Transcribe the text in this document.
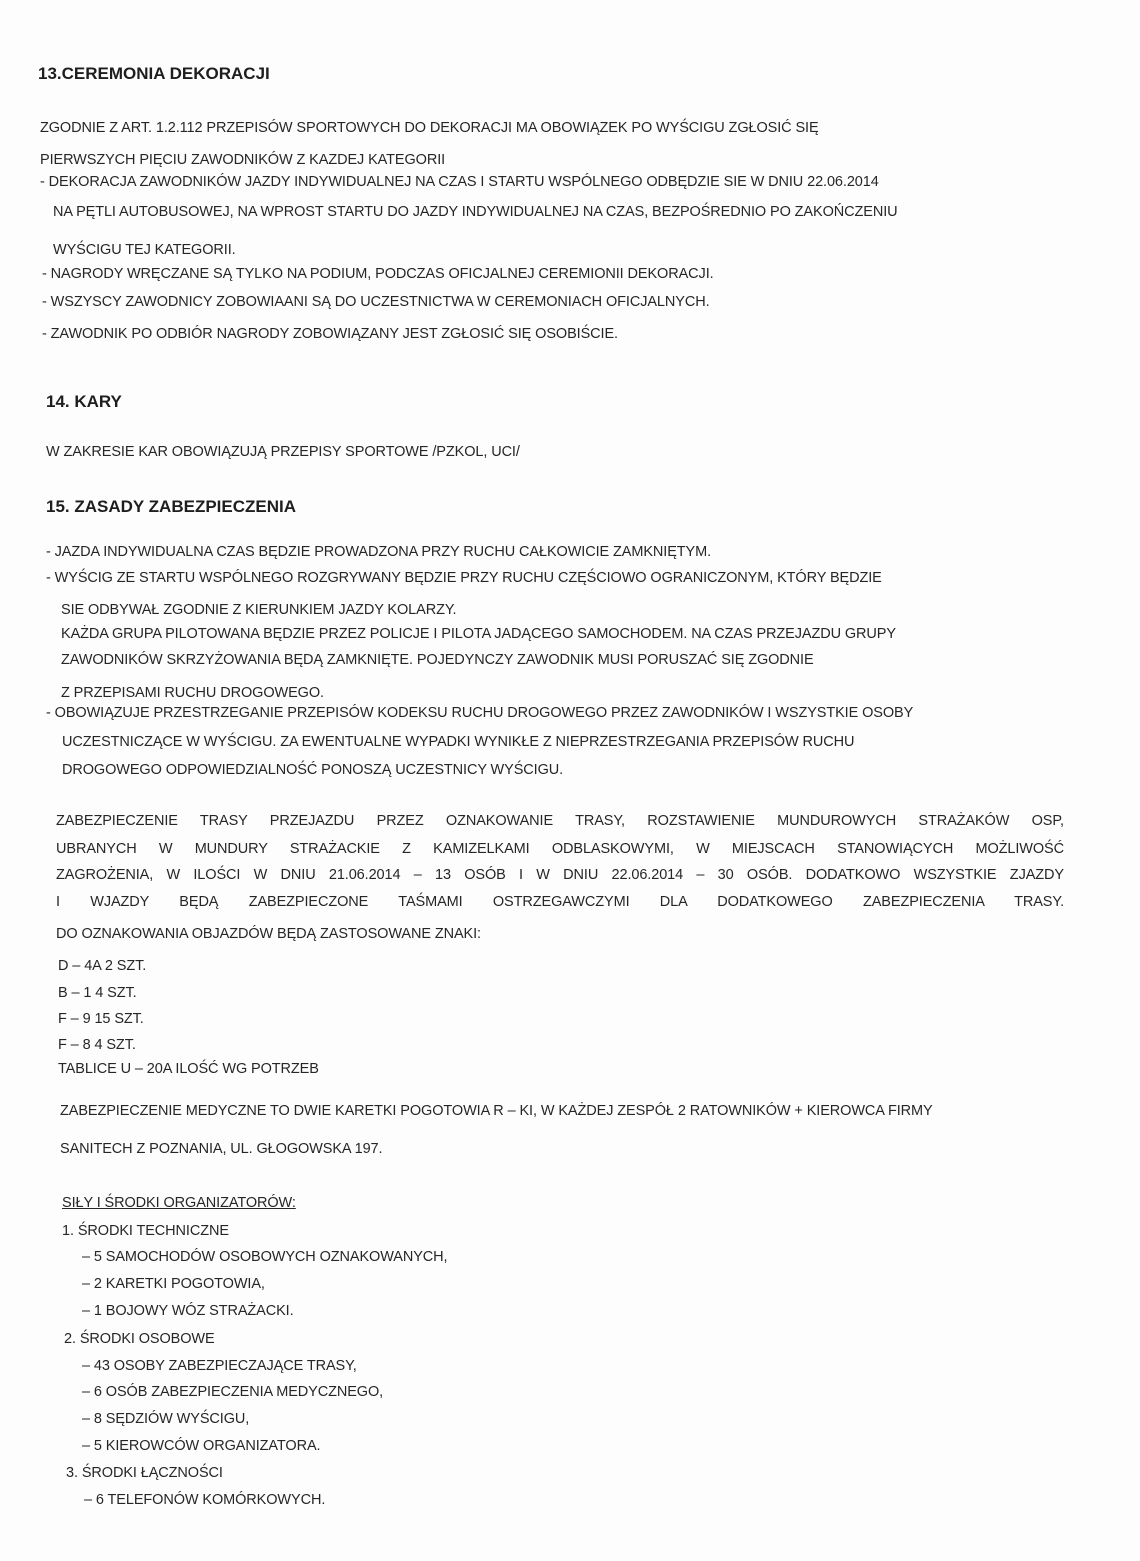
13.CEREMONIA DEKORACJI
ZGODNIE Z ART. 1.2.112 PRZEPISÓW SPORTOWYCH DO DEKORACJI MA OBOWIĄZEK PO WYŚCIGU ZGŁOSIĆ SIĘ
PIERWSZYCH PIĘCIU ZAWODNIKÓW Z KAZDEJ KATEGORII
- DEKORACJA ZAWODNIKÓW JAZDY INDYWIDUALNEJ NA CZAS I STARTU WSPÓLNEGO ODBĘDZIE SIE W DNIU 22.06.2014
NA PĘTLI AUTOBUSOWEJ, NA WPROST STARTU DO JAZDY INDYWIDUALNEJ NA CZAS, BEZPOŚREDNIO PO ZAKOŃCZENIU
WYŚCIGU TEJ KATEGORII.
- NAGRODY WRĘCZANE SĄ TYLKO NA PODIUM, PODCZAS OFICJALNEJ CEREMIONII DEKORACJI.
- WSZYSCY ZAWODNICY ZOBOWIAANI SĄ DO UCZESTNICTWA W CEREMONIACH OFICJALNYCH.
- ZAWODNIK PO ODBIÓR NAGRODY ZOBOWIĄZANY JEST ZGŁOSIĆ SIĘ OSOBIŚCIE.
14. KARY
W ZAKRESIE KAR OBOWIĄZUJĄ PRZEPISY SPORTOWE /PZKOL, UCI/
15. ZASADY ZABEZPIECZENIA
- JAZDA INDYWIDUALNA CZAS BĘDZIE PROWADZONA PRZY RUCHU CAŁKOWICIE ZAMKNIĘTYM.
- WYŚCIG ZE STARTU WSPÓLNEGO ROZGRYWANY BĘDZIE PRZY RUCHU CZĘŚCIOWO OGRANICZONYM, KTÓRY BĘDZIE
SIE ODBYWAŁ ZGODNIE Z KIERUNKIEM JAZDY KOLARZY.
KAŻDA GRUPA PILOTOWANA BĘDZIE PRZEZ POLICJE I PILOTA JADĄCEGO SAMOCHODEM. NA CZAS PRZEJAZDU GRUPY
ZAWODNIKÓW SKRZYŻOWANIA BĘDĄ ZAMKNIĘTE. POJEDYNCZY ZAWODNIK MUSI PORUSZAĆ SIĘ ZGODNIE
Z PRZEPISAMI RUCHU DROGOWEGO.
- OBOWIĄZUJE PRZESTRZEGANIE PRZEPISÓW KODEKSU RUCHU DROGOWEGO PRZEZ ZAWODNIKÓW I WSZYSTKIE OSOBY
UCZESTNICZĄCE W WYŚCIGU. ZA EWENTUALNE WYPADKI WYNIKŁE Z NIEPRZESTRZEGANIA PRZEPISÓW RUCHU
DROGOWEGO ODPOWIEDZIALNOŚĆ PONOSZĄ UCZESTNICY WYŚCIGU.
ZABEZPIECZENIE TRASY PRZEJAZDU PRZEZ OZNAKOWANIE TRASY, ROZSTAWIENIE MUNDUROWYCH STRAŻAKÓW OSP,
UBRANYCH W MUNDURY STRAŻACKIE Z KAMIZELKAMI ODBLASKOWYMI, W MIEJSCACH STANOWIĄCYCH MOŻLIWOŚĆ
ZAGROŻENIA, W ILOŚCI W DNIU 21.06.2014 – 13 OSÓB I W DNIU 22.06.2014 – 30 OSÓB. DODATKOWO WSZYSTKIE ZJAZDY
I WJAZDY BĘDĄ ZABEZPIECZONE TAŚMAMI OSTRZEGAWCZYMI DLA DODATKOWEGO ZABEZPIECZENIA TRASY.
DO OZNAKOWANIA OBJAZDÓW BĘDĄ ZASTOSOWANE ZNAKI:
D – 4A 2 SZT.
B – 1 4 SZT.
F – 9 15 SZT.
F – 8 4 SZT.
TABLICE U – 20A ILOŚĆ WG POTRZEB
ZABEZPIECZENIE MEDYCZNE TO DWIE KARETKI POGOTOWIA R – KI, W KAŻDEJ ZESPÓŁ 2 RATOWNIKÓW + KIEROWCA FIRMY
SANITECH Z POZNANIA, UL. GŁOGOWSKA 197.
SIŁY I ŚRODKI ORGANIZATORÓW:
1. ŚRODKI TECHNICZNE
– 5 SAMOCHODÓW OSOBOWYCH OZNAKOWANYCH,
– 2 KARETKI POGOTOWIA,
– 1 BOJOWY WÓZ STRAŻACKI.
2. ŚRODKI OSOBOWE
– 43 OSOBY ZABEZPIECZAJĄCE TRASY,
– 6 OSÓB ZABEZPIECZENIA MEDYCZNEGO,
– 8 SĘDZIÓW WYŚCIGU,
– 5 KIEROWCÓW ORGANIZATORA.
3. ŚRODKI ŁĄCZNOŚCI
– 6 TELEFONÓW KOMÓRKOWYCH.
